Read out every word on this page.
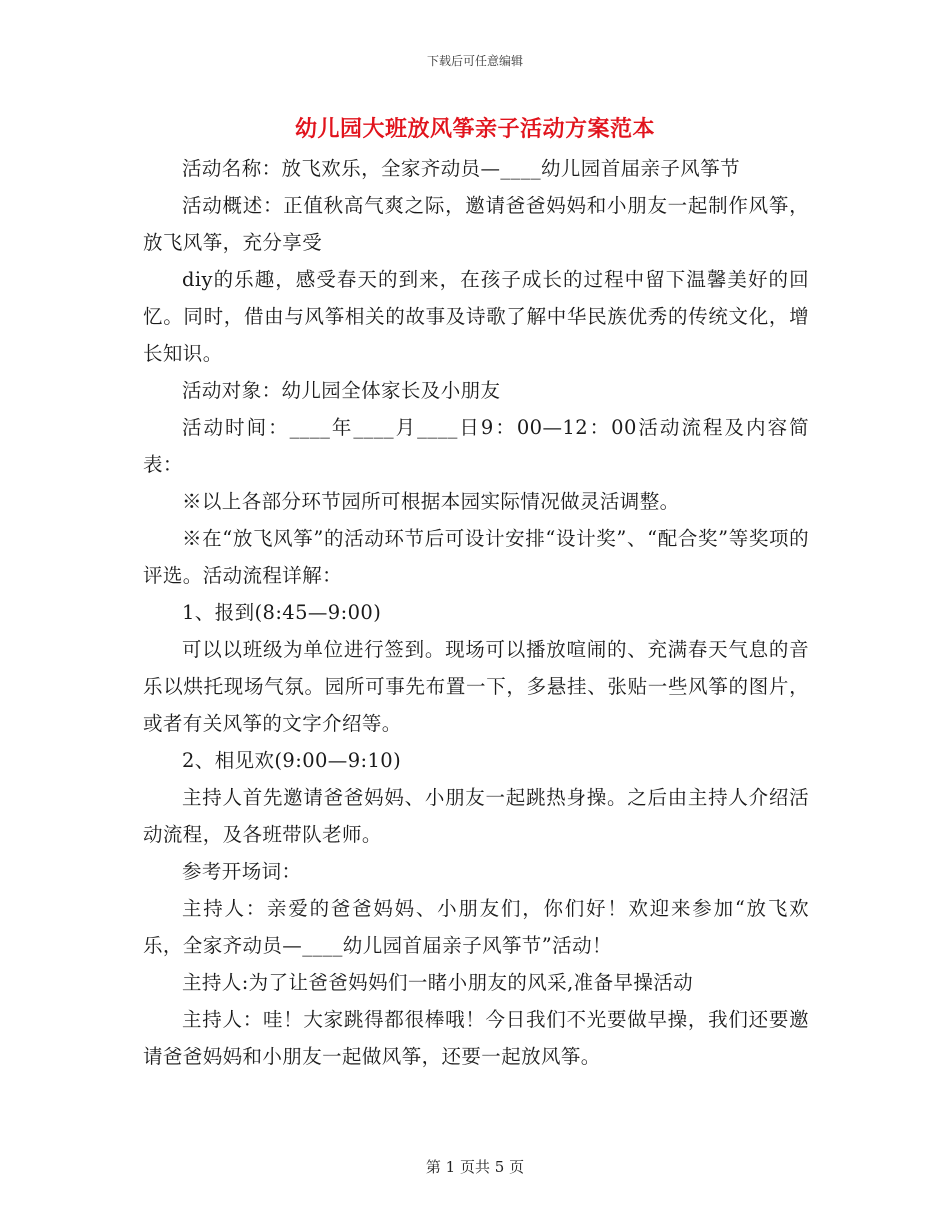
下载后可任意编辑
幼儿园大班放风筝亲子活动方案范本

活动名称：放飞欢乐，全家齐动员—____幼儿园首届亲子风筝节

活动概述：正值秋高气爽之际，邀请爸爸妈妈和小朋友一起制作风筝，放飞风筝，充分享受

diy的乐趣，感受春天的到来，在孩子成长的过程中留下温馨美好的回忆。同时，借由与风筝相关的故事及诗歌了解中华民族优秀的传统文化，增长知识。

活动对象：幼儿园全体家长及小朋友

活动时间：____年____月____日9：00—12：00活动流程及内容简表：

※以上各部分环节园所可根据本园实际情况做灵活调整。

※在“放飞风筝”的活动环节后可设计安排“设计奖”、“配合奖”等奖项的评选。活动流程详解：

1、报到(8:45—9:00)

可以以班级为单位进行签到。现场可以播放喧闹的、充满春天气息的音乐以烘托现场气氛。园所可事先布置一下，多悬挂、张贴一些风筝的图片，或者有关风筝的文字介绍等。

2、相见欢(9:00—9:10)

主持人首先邀请爸爸妈妈、小朋友一起跳热身操。之后由主持人介绍活动流程，及各班带队老师。

参考开场词：

主持人：亲爱的爸爸妈妈、小朋友们，你们好！欢迎来参加“放飞欢乐，全家齐动员—____幼儿园首届亲子风筝节”活动！

主持人:为了让爸爸妈妈们一睹小朋友的风采,准备早操活动

主持人：哇！大家跳得都很棒哦！今日我们不光要做早操，我们还要邀请爸爸妈妈和小朋友一起做风筝，还要一起放风筝。

第 1 页共 5 页
